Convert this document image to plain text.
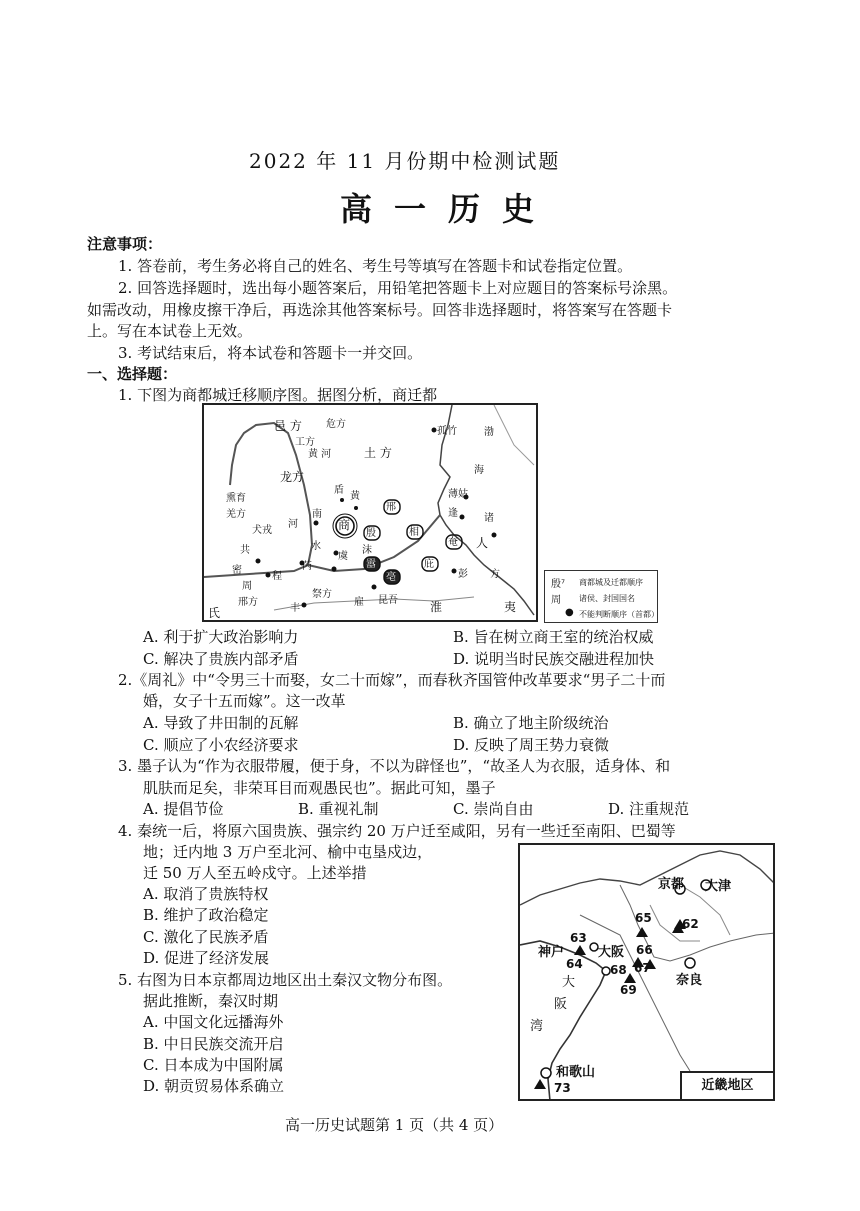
2022 年 11 月份期中检测试题
高一历史
注意事项：
1. 答卷前，考生务必将自己的姓名、考生号等填写在答题卡和试卷指定位置。
2. 回答选择题时，选出每小题答案后，用铅笔把答题卡上对应题目的答案标号涂黑。
如需改动，用橡皮擦干净后，再选涂其他答案标号。回答非选择题时，将答案写在答题卡
上。写在本试卷上无效。
3. 考试结束后，将本试卷和答题卡一并交回。
一、选择题：
1. 下图为商都城迁移顺序图。据图分析，商迁都
邑 方 危方
工方
土 方
黄 河
龙方
孤竹	渤
海
熏育
羌方
犬戎
河
水
盾
黄
南
商
邢
殷	相
奄
庇
嚣
亳
沫
共
密
程
周
芮
虞
丰
祭方
邢方
薄姑
逢	诸
人
方
彭
淮	夷
氏
昆吾
雇
殷⁷ 商都城及迁都顺序
周 诸侯、封国国名
● 不能判断顺序（首都）
A. 利于扩大政治影响力	B. 旨在树立商王室的统治权威
C. 解决了贵族内部矛盾	D. 说明当时民族交融进程加快
2.《周礼》中“令男三十而娶，女二十而嫁”，而春秋齐国管仲改革要求“男子二十而
婚，女子十五而嫁”。这一改革
A. 导致了井田制的瓦解	B. 确立了地主阶级统治
C. 顺应了小农经济要求	D. 反映了周王势力衰微
3. 墨子认为“作为衣服带履，便于身，不以为辟怪也”，“故圣人为衣服，适身体、和
肌肤而足矣，非荣耳目而观愚民也”。据此可知，墨子
A. 提倡节俭	B. 重视礼制	C. 崇尚自由	D. 注重规范
4. 秦统一后，将原六国贵族、强宗约 20 万户迁至咸阳，另有一些迁至南阳、巴蜀等
地；迁内地 3 万户至北河、榆中屯垦戍边，
迁 50 万人至五岭戍守。上述举措
A. 取消了贵族特权
B. 维护了政治稳定
C. 激化了民族矛盾
D. 促进了经济发展
5. 右图为日本京都周边地区出土秦汉文物分布图。
据此推断，秦汉时期
A. 中国文化远播海外
B. 中日民族交流开启
C. 日本成为中国附属
D. 朝贡贸易体系确立
京都 大津
神户	大阪
奈良
和歌山
大
阪
湾
65	62
63
64
66
67
68
69
73	近畿地区
高一历史试题第 1 页（共 4 页）
